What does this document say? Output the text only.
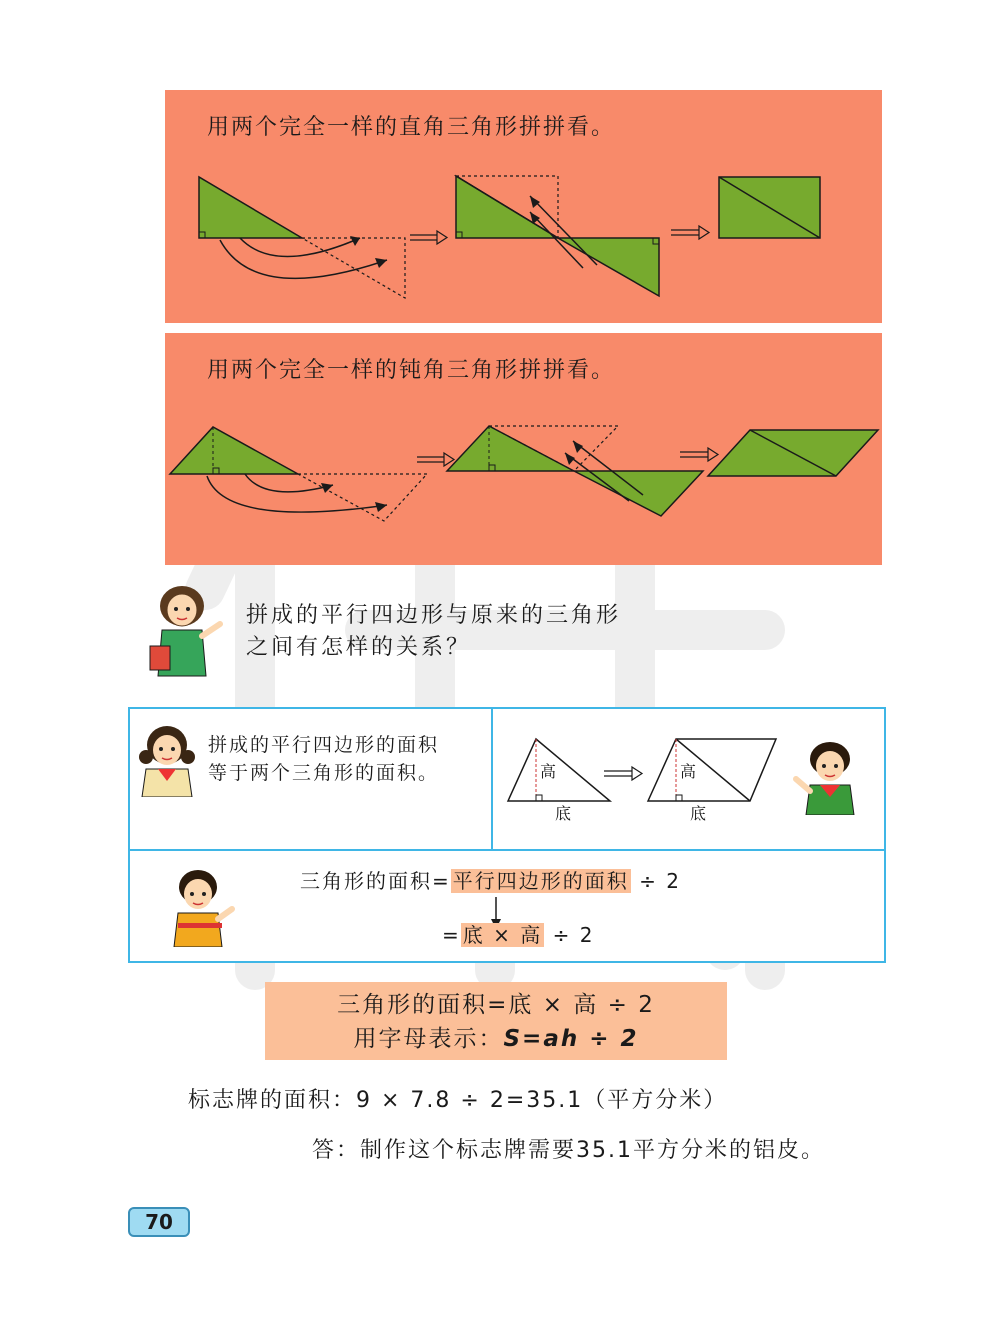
用两个完全一样的直角三角形拼拼看。
用两个完全一样的钝角三角形拼拼看。
拼成的平行四边形与原来的三角形
之间有怎样的关系？
拼成的平行四边形的面积
等于两个三角形的面积。	高
底
高
底
三角形的面积= 平行四边形的面积 ÷ 2
= 底 × 高 ÷ 2
三角形的面积=底 × 高 ÷ 2
用字母表示：S=ah ÷ 2
标志牌的面积：9 × 7.8 ÷ 2=35.1（平方分米）
答：制作这个标志牌需要35.1平方分米的铝皮。
70
